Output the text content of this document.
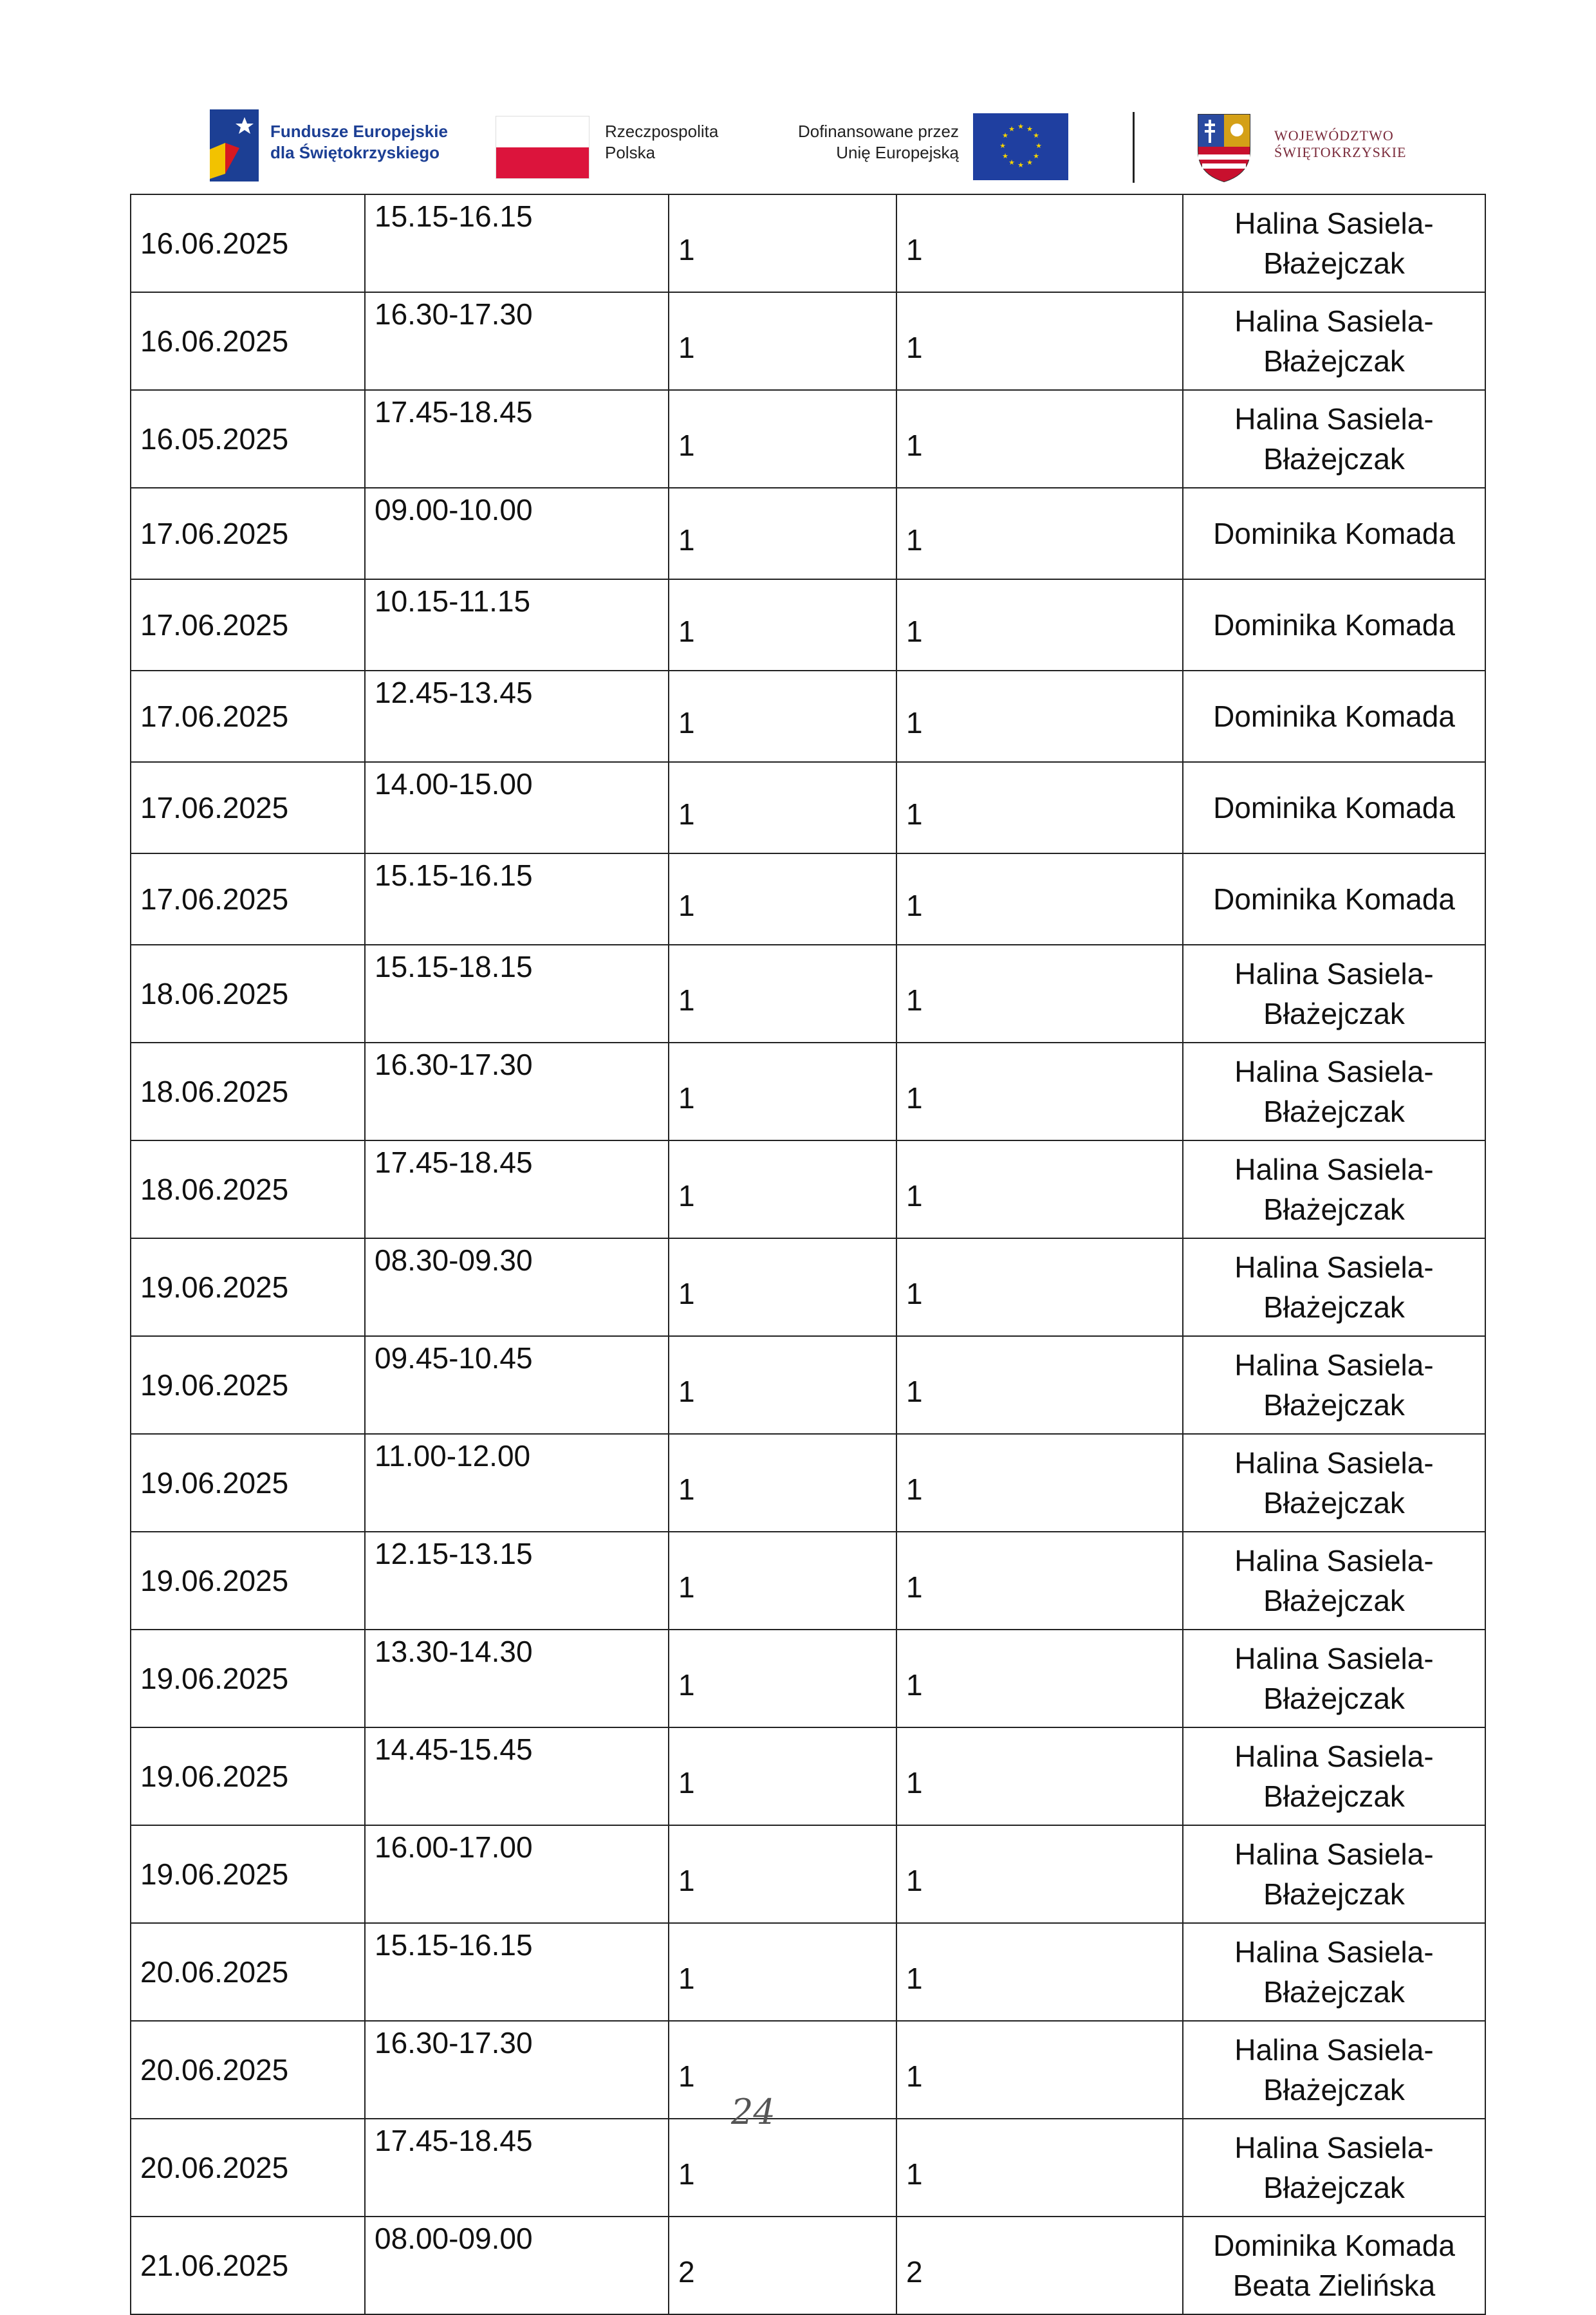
Fundusze Europejskie
dla Świętokrzyskiego
Rzeczpospolita
Polska
Dofinansowane przez
Unię Europejską
★ ★
★
★
★
★
★
★
★
★
★
★	WOJEWÓDZTWO
ŚWIĘTOKRZYSKIE
16.06.2025	15.15-16.15	1	1	Halina Sasiela-
Błażejczak

16.06.2025	16.30-17.30	1	1	Halina Sasiela-
Błażejczak

16.05.2025	17.45-18.45	1	1	Halina Sasiela-
Błażejczak

17.06.2025	09.00-10.00	1	1	Dominika Komada

17.06.2025	10.15-11.15	1	1	Dominika Komada

17.06.2025	12.45-13.45	1	1	Dominika Komada

17.06.2025	14.00-15.00	1	1	Dominika Komada

17.06.2025	15.15-16.15	1	1	Dominika Komada

18.06.2025	15.15-18.15	1	1	Halina Sasiela-
Błażejczak

18.06.2025	16.30-17.30	1	1	Halina Sasiela-
Błażejczak

18.06.2025	17.45-18.45	1	1	Halina Sasiela-
Błażejczak

19.06.2025	08.30-09.30	1	1	Halina Sasiela-
Błażejczak

19.06.2025	09.45-10.45	1	1	Halina Sasiela-
Błażejczak

19.06.2025	11.00-12.00	1	1	Halina Sasiela-
Błażejczak

19.06.2025	12.15-13.15	1	1	Halina Sasiela-
Błażejczak

19.06.2025	13.30-14.30	1	1	Halina Sasiela-
Błażejczak

19.06.2025	14.45-15.45	1	1	Halina Sasiela-
Błażejczak

19.06.2025	16.00-17.00	1	1	Halina Sasiela-
Błażejczak

20.06.2025	15.15-16.15	1	1	Halina Sasiela-
Błażejczak

20.06.2025	16.30-17.30	1	1	Halina Sasiela-
Błażejczak

20.06.2025	17.45-18.45	1	1	Halina Sasiela-
Błażejczak

21.06.2025	08.00-09.00	2	2	Dominika Komada
Beata Zielińska
24
